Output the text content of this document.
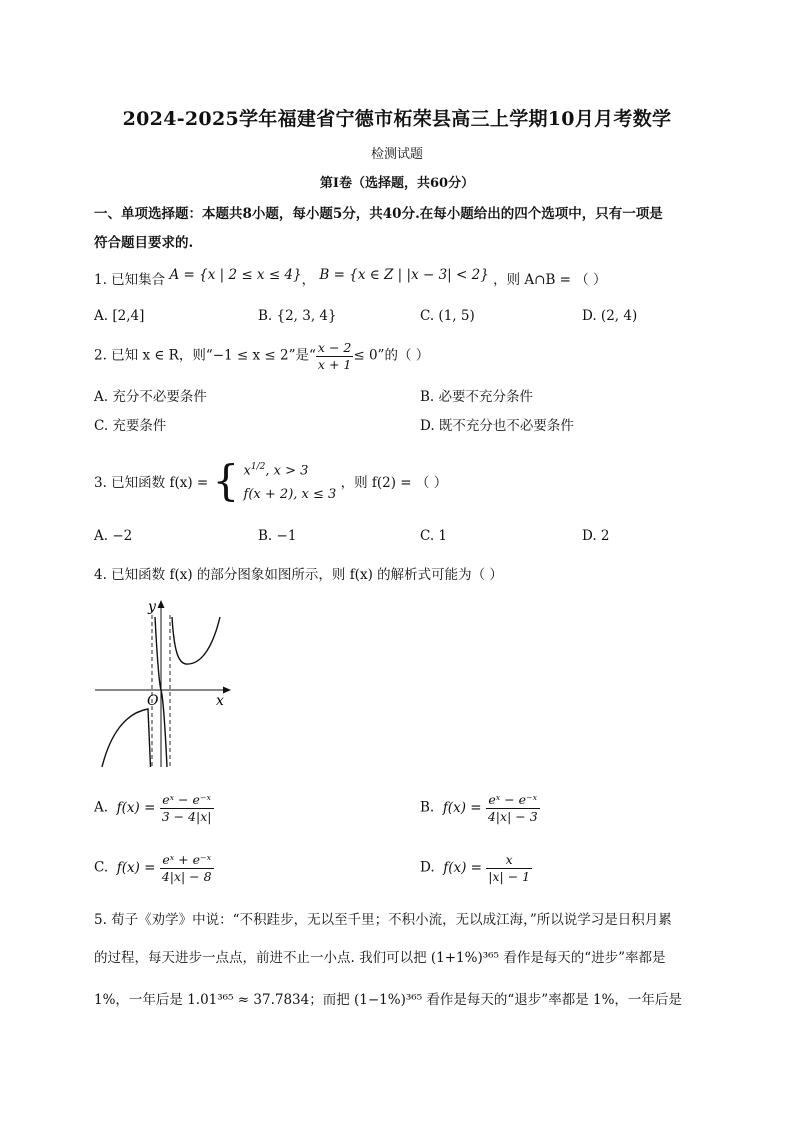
2024-2025学年福建省宁德市柘荣县高三上学期10月月考数学
检测试题
第Ⅰ卷（选择题，共60分）
一、单项选择题：本题共8小题，每小题5分，共40分.在每小题给出的四个选项中，只有一项是
符合题目要求的.
1. 已知集合 A = {x | 2 ≤ x ≤ 4}， B = {x ∈ Z | |x − 3| < 2} ，则 A∩B = （ ）
A. [2,4]	B. {2, 3, 4}	C. (1, 5)	D. (2, 4)
2. 已知 x ∈ R，则“−1 ≤ x ≤ 2”是“ $\frac{x - 2}{x + 1} \le 0$”的（ ）
A. 充分不必要条件	B. 必要不充分条件
C. 充要条件	D. 既不充分也不必要条件
3. 已知函数 f(x) = { $x^{1/2}$, x > 3
f(x + 2), x ≤ 3
，则 f(2) = （ ）
A. −2	B. −1	C. 1	D. 2
4. 已知函数 f(x) 的部分图象如图所示，则 f(x) 的解析式可能为（ ）
y
x
O
A. $f(x) = \frac{\text{eˣ − e⁻ˣ}}{3 - 4|x|}$	B. $f(x) = \frac{\text{eˣ − e⁻ˣ}}{4|x| - 3}$
C. $f(x) = \frac{\text{eˣ + e⁻ˣ}}{4|x| - 8}$	D. $f(x) = \frac{x}{|x| - 1}$
5. 荀子《劝学》中说：“不积跬步，无以至千里；不积小流，无以成江海，”所以说学习是日积月累
的过程，每天进步一点点，前进不止一小点. 我们可以把 (1+1%)³⁶⁵ 看作是每天的“进步”率都是
1%，一年后是 1.01³⁶⁵ ≈ 37.7834；而把 (1−1%)³⁶⁵ 看作是每天的“退步”率都是 1%，一年后是
